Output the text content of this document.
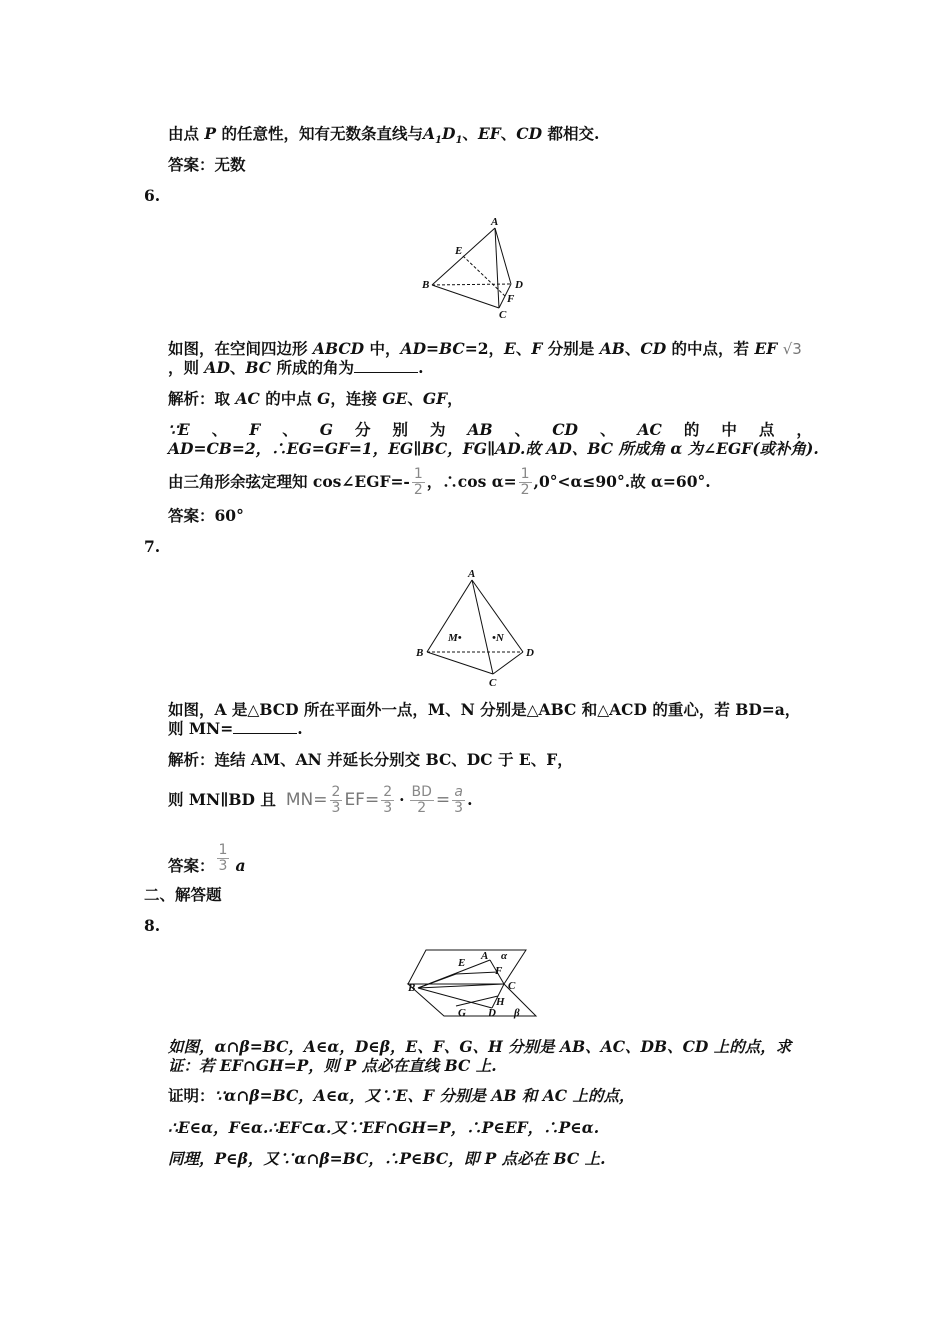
由点 P 的任意性，知有无数条直线与$A_1D_1$、EF、CD 都相交.
答案：无数
6.
A
E
B	D
F
C
如图，在空间四边形 ABCD 中，AD=BC=2，E、F 分别是 AB、CD 的中点，若 EF √3
，则 AD、BC 所成的角为	.
解析：取 AC 的中点 G，连接 GE、GF，
∵E 、 F 、 G 分 别 为 AB 、 CD 、 AC 的 中 点 ，
AD=CB=2，∴EG=GF=1，EG∥BC，FG∥AD.故 AD、BC 所成角 α 为∠EGF(或补角).
由三角形余弦定理知 cos∠EGF=- $\frac{1}{2}$ ，∴cos $\alpha= \frac{1}{2} ,0^\circ<\alpha\le 90^\circ$.故 α=60°.
答案：60°
7.
A
M•	•N
B	D
C
如图，A 是△BCD 所在平面外一点，M、N 分别是△ABC 和△ACD 的重心，若 BD=a，
则 MN=	.
解析：连结 AM、AN 并延长分别交 BC、DC 于 E、F，
则 MN∥BD 且 $MN= \frac{2}{3} EF= \frac{2}{3} \cdot \frac{BD}{2} = \frac{a}{3}$ .
答案： $\frac{1}{3}$ a
二、解答题
8.
E
A α
F
B	C
H
G D β
如图，α∩β=BC，A∈α，D∈β，E、F、G、H 分别是 AB、AC、DB、CD 上的点，求
证：若 EF∩GH=P，则 P 点必在直线 BC 上.
证明：∵α∩β=BC，A∈α，又∵E、F 分别是 AB 和 AC 上的点，
∴E∈α，F∈α.∴EF⊂α.又∵EF∩GH=P，∴P∈EF，∴P∈α.
同理，P∈β，又∵α∩β=BC，∴P∈BC，即 P 点必在 BC 上.
